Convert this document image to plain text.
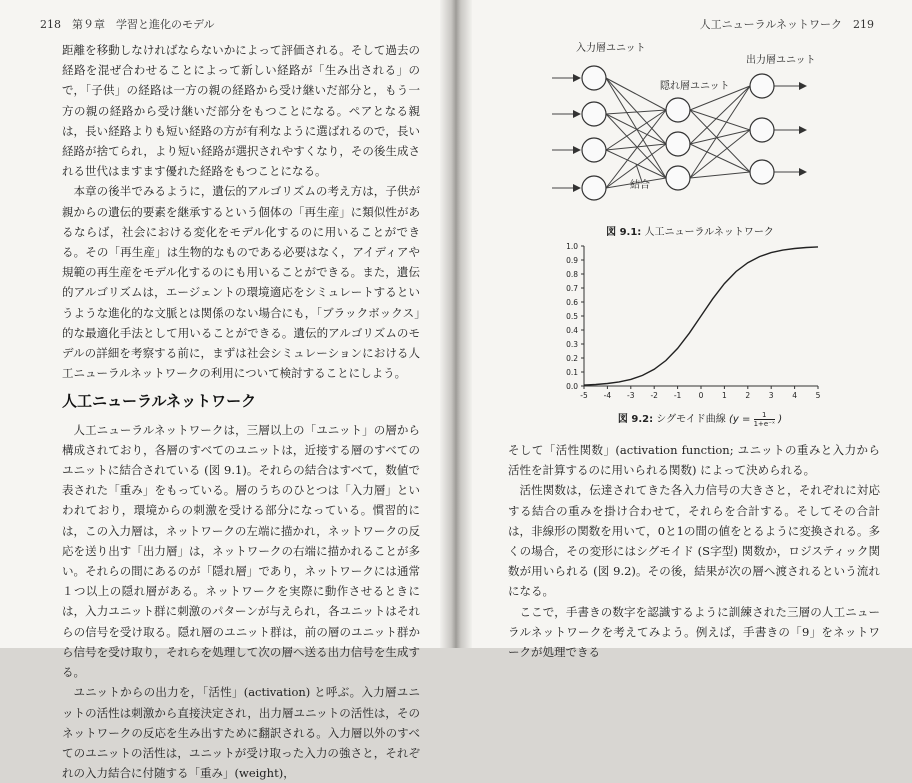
218　第９章　学習と進化のモデル

距離を移動しなければならないかによって評価される。そして過去の経路を混ぜ合わせることによって新しい経路が「生み出される」ので，「子供」の経路は一方の親の経路から受け継いだ部分と，もう一方の親の経路から受け継いだ部分をもつことになる。ペアとなる親は，長い経路よりも短い経路の方が有利なように選ばれるので，長い経路が捨てられ，より短い経路が選択されやすくなり，その後生成される世代はますます優れた経路をもつことになる。

本章の後半でみるように，遺伝的アルゴリズムの考え方は，子供が親からの遺伝的要素を継承するという個体の「再生産」に類似性があるならば，社会における変化をモデル化するのに用いることができる。その「再生産」は生物的なものである必要はなく，アイディアや規範の再生産をモデル化するのにも用いることができる。また，遺伝的アルゴリズムは，エージェントの環境適応をシミュレートするというような進化的な文脈とは関係のない場合にも，「ブラックボックス」的な最適化手法として用いることができる。遺伝的アルゴリズムのモデルの詳細を考察する前に，まずは社会シミュレーションにおける人工ニューラルネットワークの利用について検討することにしよう。

人工ニューラルネットワーク

人工ニューラルネットワークは，三層以上の「ユニット」の層から構成されており，各層のすべてのユニットは，近接する層のすべてのユニットに結合されている (図 9.1)。それらの結合はすべて，数値で表された「重み」をもっている。層のうちのひとつは「入力層」といわれており，環境からの刺激を受ける部分になっている。慣習的には，この入力層は，ネットワークの左端に描かれ，ネットワークの反応を送り出す「出力層」は，ネットワークの右端に描かれることが多い。それらの間にあるのが「隠れ層」であり，ネットワークには通常１つ以上の隠れ層がある。ネットワークを実際に動作させるときには，入力ユニット群に刺激のパターンが与えられ，各ユニットはそれらの信号を受け取る。隠れ層のユニット群は，前の層のユニット群から信号を受け取り，それらを処理して次の層へ送る出力信号を生成する。

ユニットからの出力を，「活性」(activation) と呼ぶ。入力層ユニットの活性は刺激から直接決定され，出力層ユニットの活性は，そのネットワークの反応を生み出すために翻訳される。入力層以外のすべてのユニットの活性は，ユニットが受け取った入力の強さと，それぞれの入力結合に付随する「重み」(weight)，

人工ニューラルネットワーク　219
入力層ユニット
隠れ層ユニット
出力層ユニット
結合
図 9.1: 人工ニューラルネットワーク
0.0
0.1
0.2
0.3
0.4
0.5
0.6
0.7
0.8
0.9
1.0
-5 -4 -3 -2 -1 0 1 2 3 4 5
図 9.2: シグモイド曲線 ($y = \frac{1}{\text{1+e⁻ˣ}}$ )

そして「活性関数」(activation function; ユニットの重みと入力から活性を計算するのに用いられる関数) によって決められる。

活性関数は，伝達されてきた各入力信号の大きさと，それぞれに対応する結合の重みを掛け合わせて，それらを合計する。そしてその合計は，非線形の関数を用いて，0と1の間の値をとるように変換される。多くの場合，その変形にはシグモイド (S字型) 関数か，ロジスティック関数が用いられる (図 9.2)。その後，結果が次の層へ渡されるという流れになる。

ここで，手書きの数字を認識するように訓練された三層の人工ニューラルネットワークを考えてみよう。例えば，手書きの「9」をネットワークが処理できる
